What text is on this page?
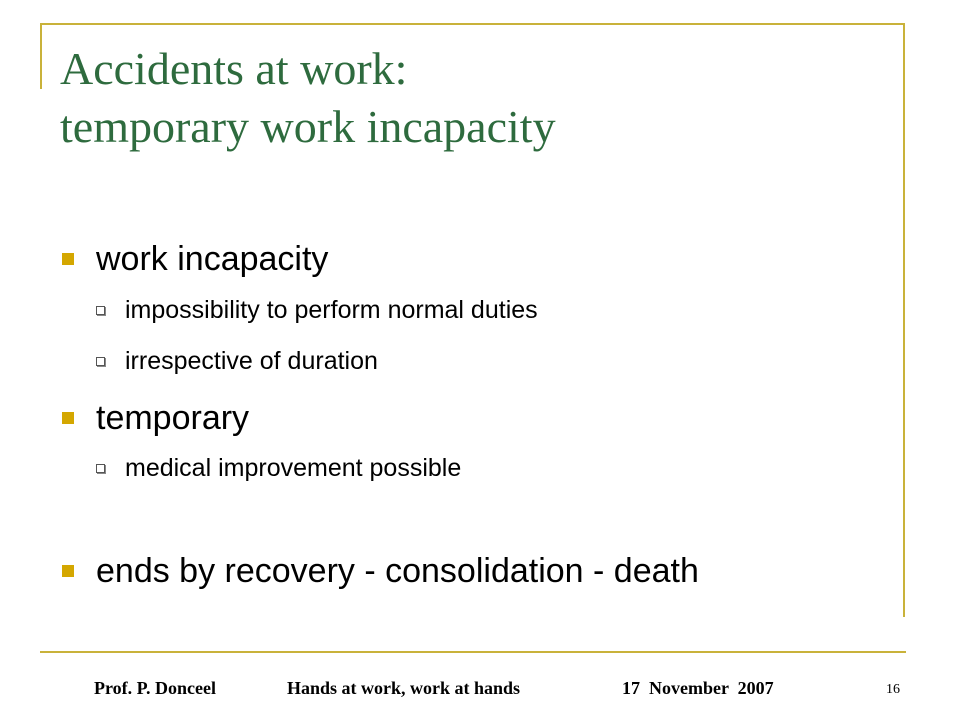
Accidents at work:
temporary work incapacity
work incapacity
impossibility to perform normal duties
irrespective of duration
temporary
medical improvement possible
ends by recovery - consolidation - death
Prof. P. Donceel	Hands at work, work at hands	17  November  2007	16
